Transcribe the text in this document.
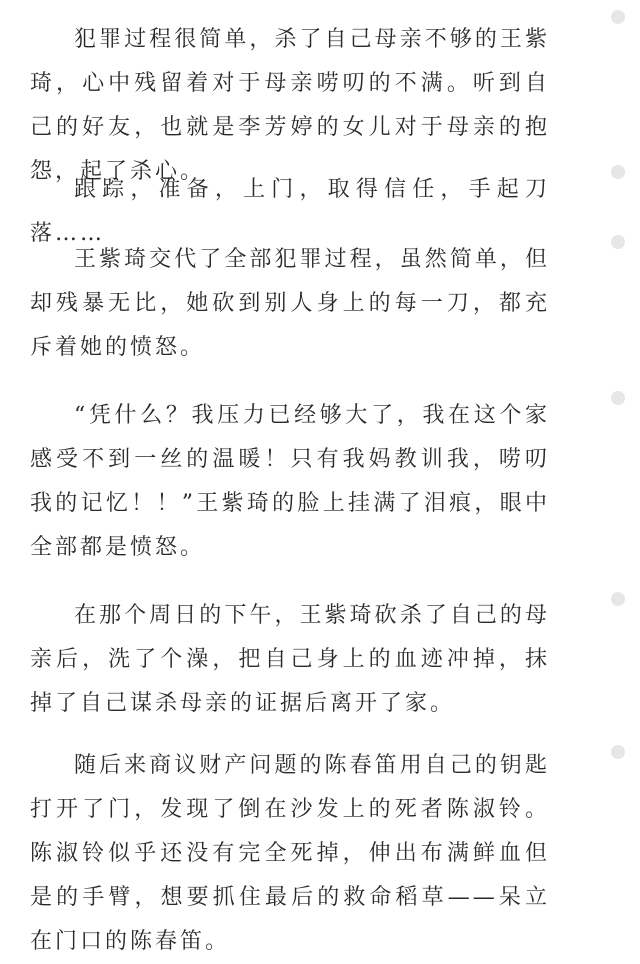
犯罪过程很简单，杀了自己母亲不够的王紫琦，心中残留着对于母亲唠叨的不满。听到自己的好友，也就是李芳婷的女儿对于母亲的抱怨，起了杀心。

跟踪，准备，上门，取得信任，手起刀落……

王紫琦交代了全部犯罪过程，虽然简单，但却残暴无比，她砍到别人身上的每一刀，都充斥着她的愤怒。

“凭什么？我压力已经够大了，我在这个家感受不到一丝的温暖！只有我妈教训我，唠叨我的记忆！！”王紫琦的脸上挂满了泪痕，眼中全部都是愤怒。

在那个周日的下午，王紫琦砍杀了自己的母亲后，洗了个澡，把自己身上的血迹冲掉，抹掉了自己谋杀母亲的证据后离开了家。

随后来商议财产问题的陈春笛用自己的钥匙打开了门，发现了倒在沙发上的死者陈淑铃。陈淑铃似乎还没有完全死掉，伸出布满鲜血但是的手臂，想要抓住最后的救命稻草——呆立在门口的陈春笛。
